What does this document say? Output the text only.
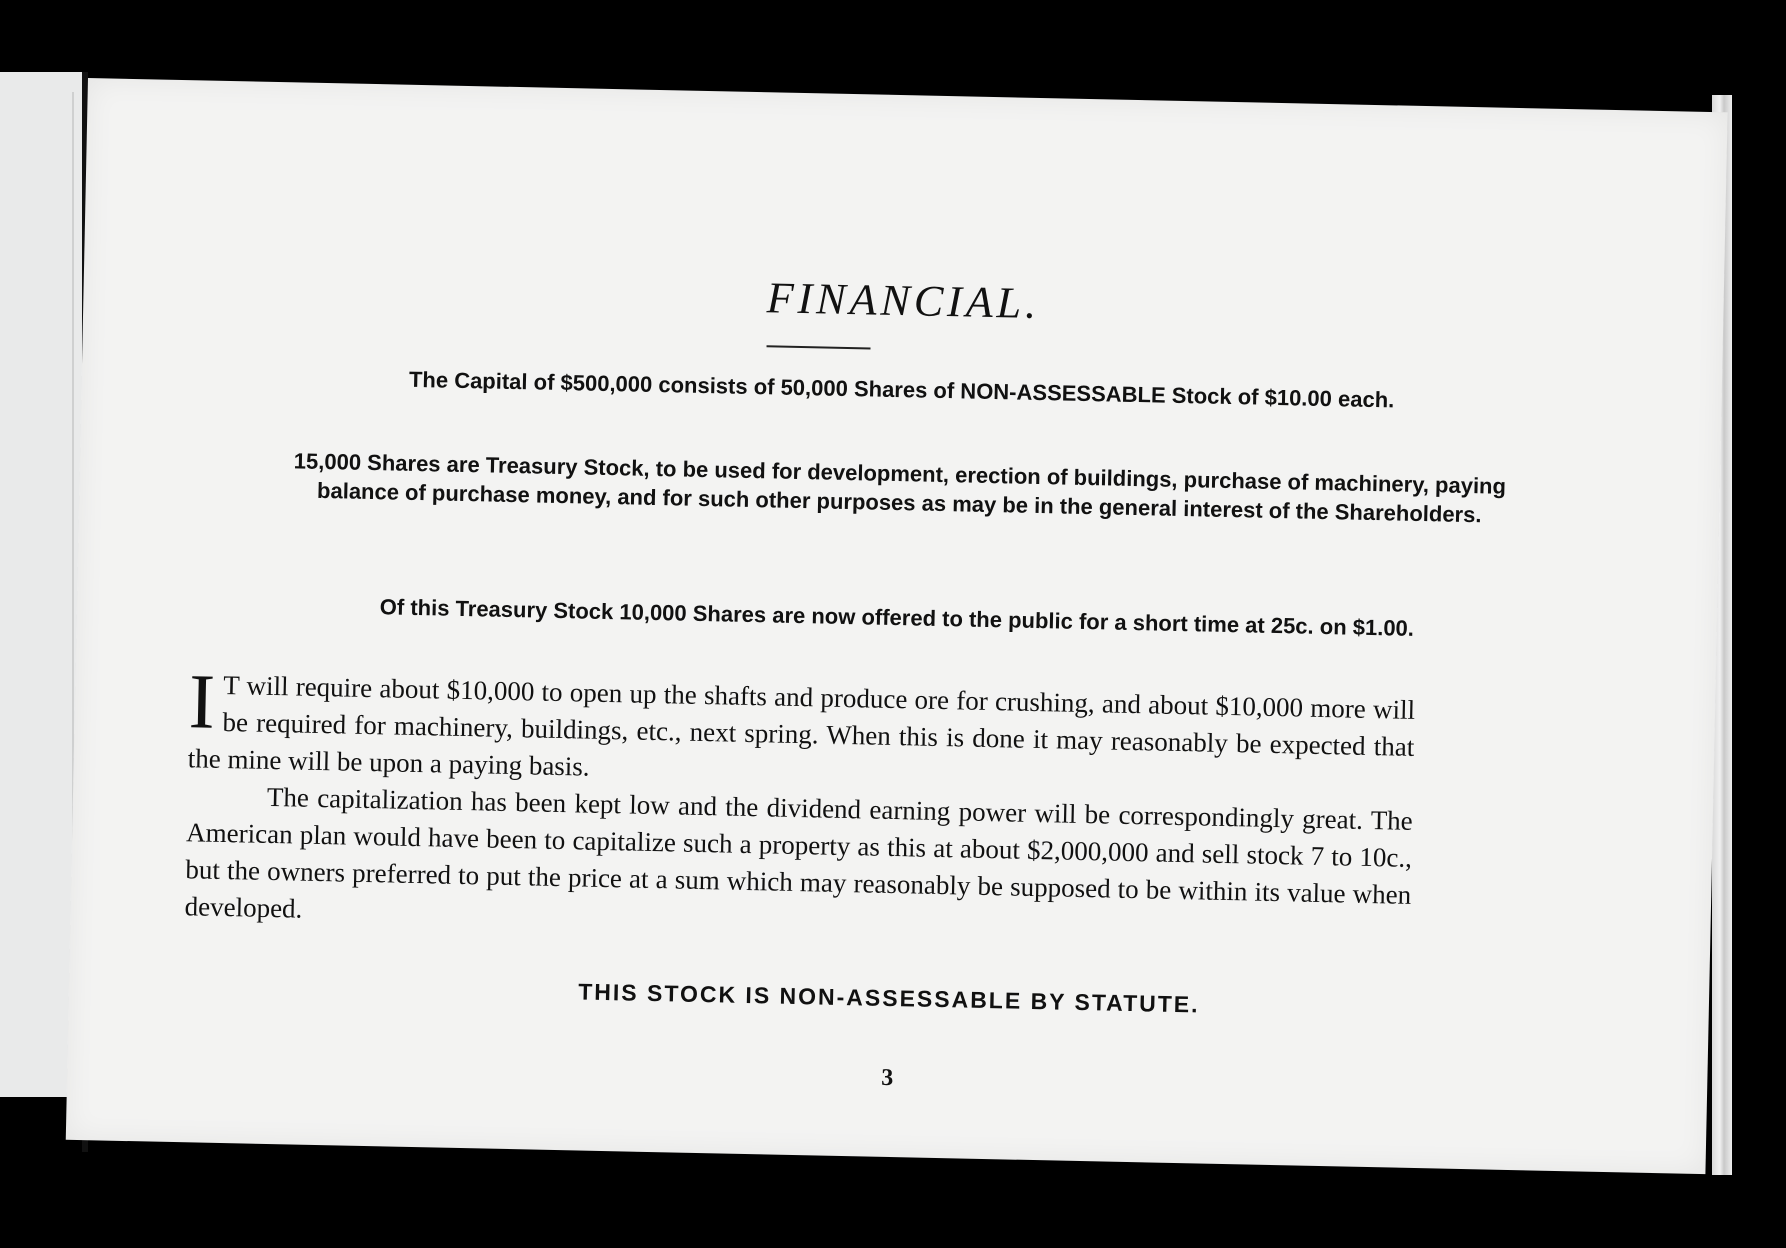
FINANCIAL.
The Capital of $500,000 consists of 50,000 Shares of NON-ASSESSABLE Stock of $10.00 each.
15,000 Shares are Treasury Stock, to be used for development, erection of buildings, purchase of machinery, paying balance of purchase money, and for such other purposes as may be in the general interest of the Shareholders.
Of this Treasury Stock 10,000 Shares are now offered to the public for a short time at 25c. on $1.00.

I T will require about $10,000 to open up the shafts and produce ore for crushing, and about $10,000 more will be required for machinery, buildings, etc., next spring. When this is done it may reasonably be expected that the mine will be upon a paying basis.

The capitalization has been kept low and the dividend earning power will be correspondingly great. The American plan would have been to capitalize such a property as this at about $2,000,000 and sell stock 7 to 10c., but the owners preferred to put the price at a sum which may reasonably be supposed to be within its value when developed.

THIS STOCK IS NON-ASSESSABLE BY STATUTE.
3
